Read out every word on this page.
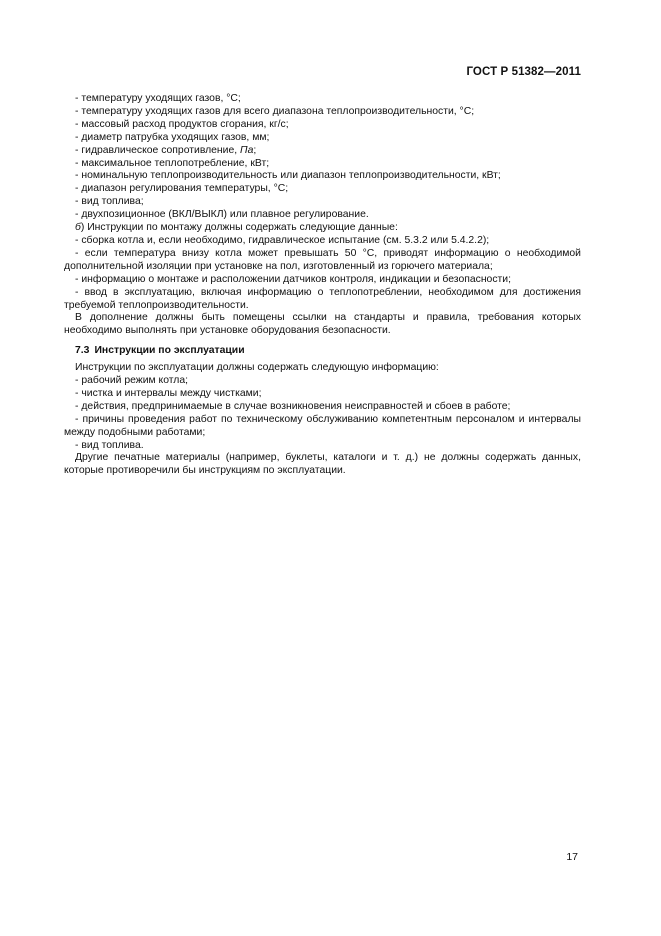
ГОСТ Р 51382—2011

- температуру уходящих газов, °С;

- температуру уходящих газов для всего диапазона теплопроизводительности, °С;

- массовый расход продуктов сгорания, кг/с;

- диаметр патрубка уходящих газов, мм;

- гидравлическое сопротивление, Па;

- максимальное теплопотребление, кВт;

- номинальную теплопроизводительность или диапазон теплопроизводительности, кВт;

- диапазон регулирования температуры, °С;

- вид топлива;

- двухпозиционное (ВКЛ/ВЫКЛ) или плавное регулирование.

б) Инструкции по монтажу должны содержать следующие данные:

- сборка котла и, если необходимо, гидравлическое испытание (см. 5.3.2 или 5.4.2.2);

- если температура внизу котла может превышать 50 °С, приводят информацию о необходимой дополнительной изоляции при установке на пол, изготовленный из горючего материала;

- информацию о монтаже и расположении датчиков контроля, индикации и безопасности;

- ввод в эксплуатацию, включая информацию о теплопотреблении, необходимом для достижения требуемой теплопроизводительности.

В дополнение должны быть помещены ссылки на стандарты и правила, требования которых необходимо выполнять при установке оборудования безопасности.

7.3 Инструкции по эксплуатации

Инструкции по эксплуатации должны содержать следующую информацию:

- рабочий режим котла;

- чистка и интервалы между чистками;

- действия, предпринимаемые в случае возникновения неисправностей и сбоев в работе;

- причины проведения работ по техническому обслуживанию компетентным персоналом и интервалы между подобными работами;

- вид топлива.

Другие печатные материалы (например, буклеты, каталоги и т. д.) не должны содержать данных, которые противоречили бы инструкциям по эксплуатации.

17
